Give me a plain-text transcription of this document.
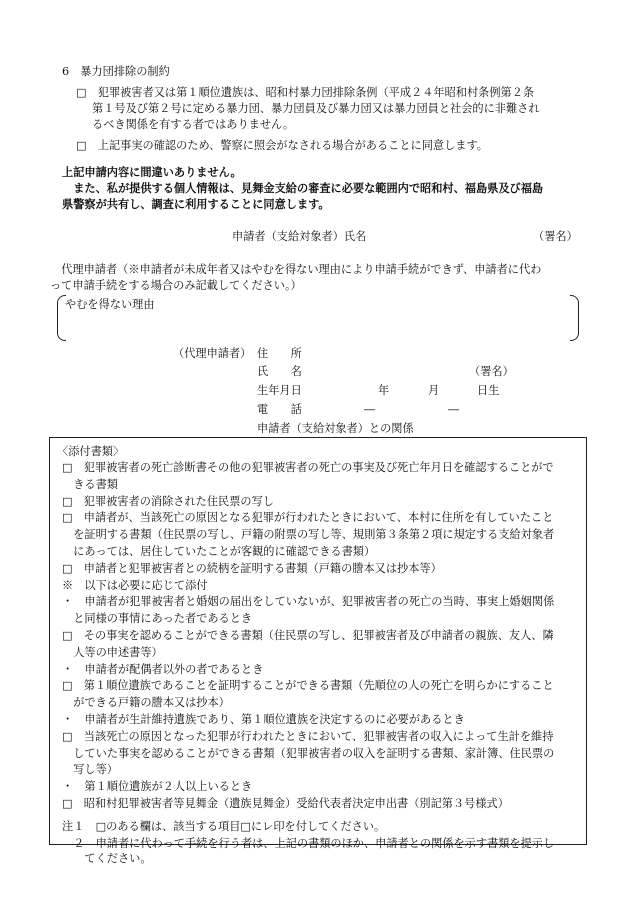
6　暴力団排除の制約
□　犯罪被害者又は第１順位遺族は、昭和村暴力団排除条例（平成２４年昭和村条例第２条
第１号及び第２号に定める暴力団、暴力団員及び暴力団又は暴力団員と社会的に非難され
るべき関係を有する者ではありません。
□　上記事実の確認のため、警察に照会がなされる場合があることに同意します。
上記申請内容に間違いありません。
　また、私が提供する個人情報は、見舞金支給の審査に必要な範囲内で昭和村、福島県及び福島
県警察が共有し、調査に利用することに同意します。
申請者（支給対象者）氏名	（署名）
　代理申請者（※申請者が未成年者又はやむを得ない理由により申請手続ができず、申請者に代わ
って申請手続をする場合のみ記載してください。）
やむを得ない理由
（代理申請者） 住　　所
氏　　名	（署名）
生年月日	年	月	日生
電　　話	―	―
申請者（支給対象者）との関係
〈添付書類〉
□　犯罪被害者の死亡診断書その他の犯罪被害者の死亡の事実及び死亡年月日を確認することがで
　きる書類
□　犯罪被害者の消除された住民票の写し
□　申請者が、当該死亡の原因となる犯罪が行われたときにおいて、本村に住所を有していたこと
　を証明する書類（住民票の写し、戸籍の附票の写し等、規則第３条第２項に規定する支給対象者
　にあっては、居住していたことが客観的に確認できる書類）
□　申請者と犯罪被害者との続柄を証明する書類（戸籍の謄本又は抄本等）
※　以下は必要に応じて添付
・　申請者が犯罪被害者と婚姻の届出をしていないが、犯罪被害者の死亡の当時、事実上婚姻関係
　と同様の事情にあった者であるとき
□　その事実を認めることができる書類（住民票の写し、犯罪被害者及び申請者の親族、友人、隣
　人等の申述書等）
・　申請者が配偶者以外の者であるとき
□　第１順位遺族であることを証明することができる書類（先順位の人の死亡を明らかにすること
　ができる戸籍の謄本又は抄本）
・　申請者が生計維持遺族であり、第１順位遺族を決定するのに必要があるとき
□　当該死亡の原因となった犯罪が行われたときにおいて、犯罪被害者の収入によって生計を維持
　していた事実を認めることができる書類（犯罪被害者の収入を証明する書類、家計簿、住民票の
　写し等）
・　第１順位遺族が２人以上いるとき
□　昭和村犯罪被害者等見舞金（遺族見舞金）受給代表者決定申出書（別記第３号様式）
注１　□のある欄は、該当する項目□にレ印を付してください。
　２　申請者に代わって手続を行う者は、上記の書類のほか、申請者との関係を示す書類を提示し
　　てください。
